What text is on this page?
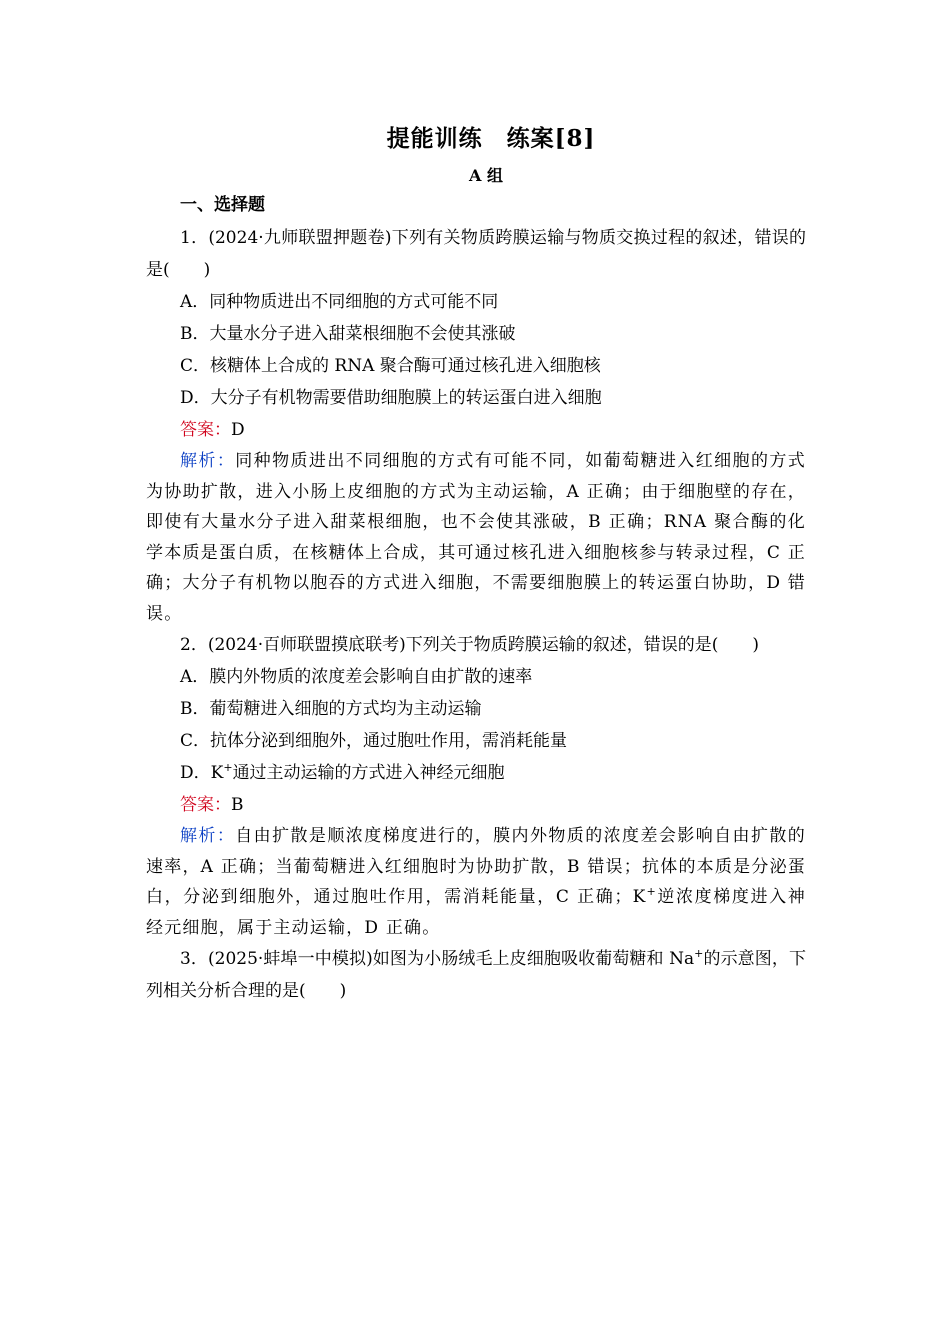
提能训练　练案[8]
A 组
一、选择题

1．(2024·九师联盟押题卷)下列有关物质跨膜运输与物质交换过程的叙述，错误的是(　　)

A．同种物质进出不同细胞的方式可能不同
B．大量水分子进入甜菜根细胞不会使其涨破
C．核糖体上合成的 RNA 聚合酶可通过核孔进入细胞核
D．大分子有机物需要借助细胞膜上的转运蛋白进入细胞
答案：D

解析：同种物质进出不同细胞的方式有可能不同，如葡萄糖进入红细胞的方式为协助扩散，进入小肠上皮细胞的方式为主动运输，A 正确；由于细胞壁的存在，即使有大量水分子进入甜菜根细胞，也不会使其涨破，B 正确；RNA 聚合酶的化学本质是蛋白质，在核糖体上合成，其可通过核孔进入细胞核参与转录过程，C 正确；大分子有机物以胞吞的方式进入细胞，不需要细胞膜上的转运蛋白协助，D 错误。

2．(2024·百师联盟摸底联考)下列关于物质跨膜运输的叙述，错误的是(　　)

A．膜内外物质的浓度差会影响自由扩散的速率
B．葡萄糖进入细胞的方式均为主动运输
C．抗体分泌到细胞外，通过胞吐作用，需消耗能量
D．K+通过主动运输的方式进入神经元细胞
答案：B

解析：自由扩散是顺浓度梯度进行的，膜内外物质的浓度差会影响自由扩散的速率，A 正确；当葡萄糖进入红细胞时为协助扩散，B 错误；抗体的本质是分泌蛋白，分泌到细胞外，通过胞吐作用，需消耗能量，C 正确；K+逆浓度梯度进入神经元细胞，属于主动运输，D 正确。

3．(2025·蚌埠一中模拟)如图为小肠绒毛上皮细胞吸收葡萄糖和 Na+的示意图，下列相关分析合理的是(　　)
